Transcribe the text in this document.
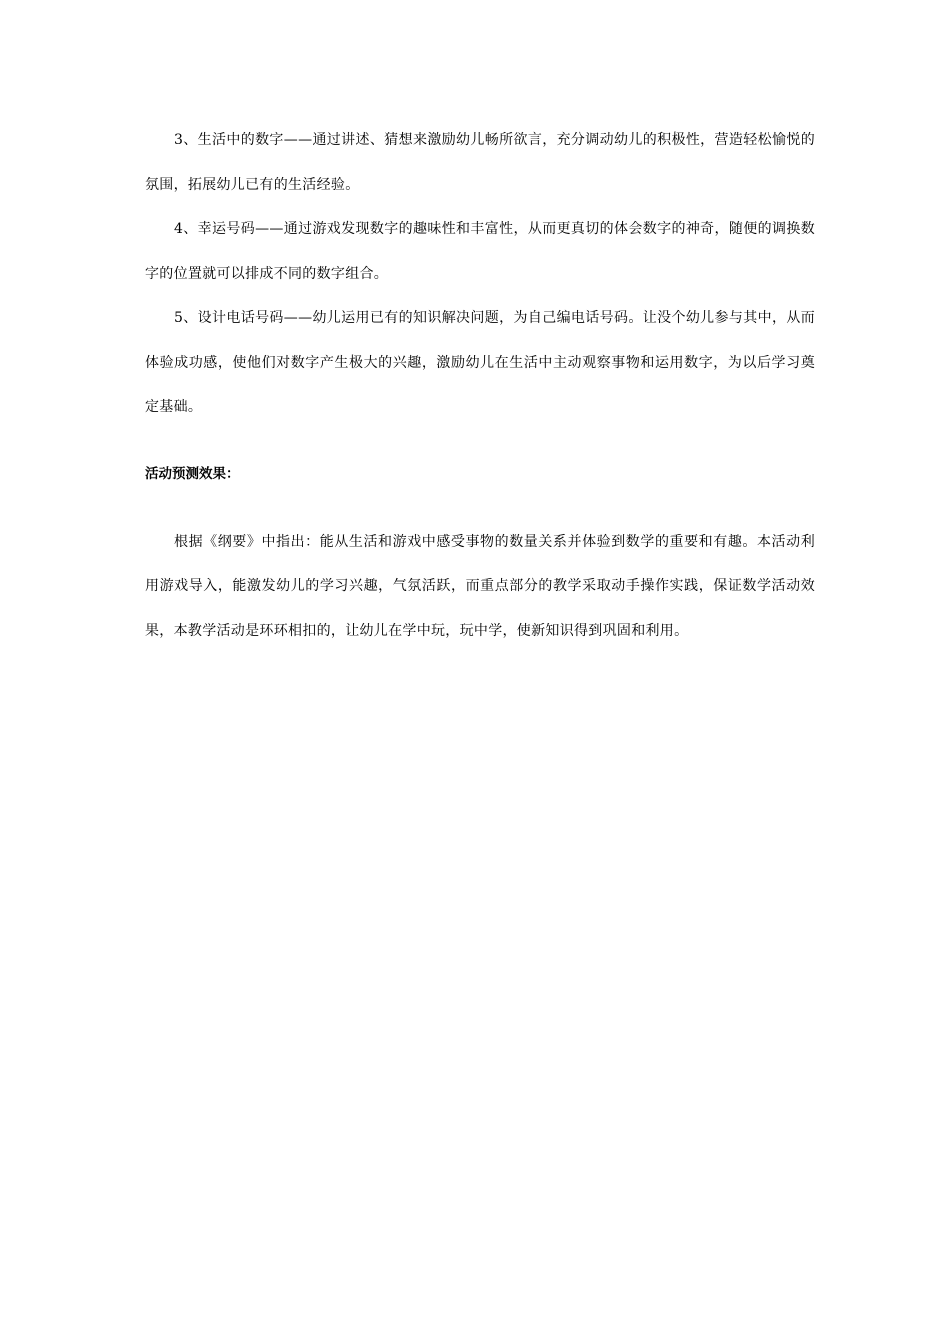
3、生活中的数字——通过讲述、猜想来激励幼儿畅所欲言，充分调动幼儿的积极性，营造轻松愉悦的氛围，拓展幼儿已有的生活经验。

4、幸运号码——通过游戏发现数字的趣味性和丰富性，从而更真切的体会数字的神奇，随便的调换数字的位置就可以排成不同的数字组合。

5、设计电话号码——幼儿运用已有的知识解决问题，为自己编电话号码。让没个幼儿参与其中，从而体验成功感，使他们对数字产生极大的兴趣，激励幼儿在生活中主动观察事物和运用数字，为以后学习奠定基础。

活动预测效果：

根据《纲要》中指出：能从生活和游戏中感受事物的数量关系并体验到数学的重要和有趣。本活动利用游戏导入，能激发幼儿的学习兴趣，气氛活跃，而重点部分的教学采取动手操作实践，保证数学活动效果，本教学活动是环环相扣的，让幼儿在学中玩，玩中学，使新知识得到巩固和利用。
